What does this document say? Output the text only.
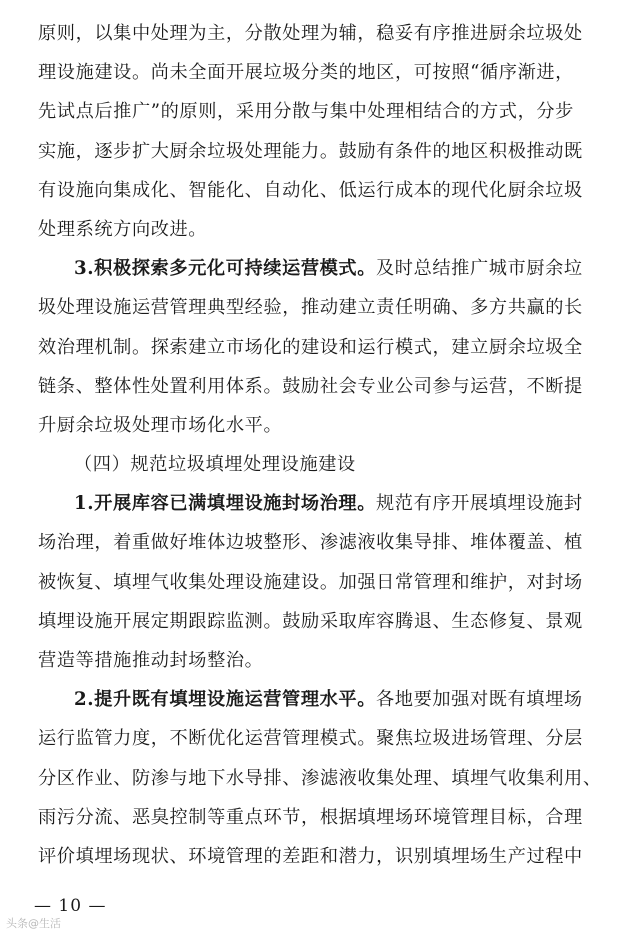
原则，以集中处理为主，分散处理为辅，稳妥有序推进厨余垃圾处
理设施建设。尚未全面开展垃圾分类的地区，可按照“循序渐进，
先试点后推广”的原则，采用分散与集中处理相结合的方式，分步
实施，逐步扩大厨余垃圾处理能力。鼓励有条件的地区积极推动既
有设施向集成化、智能化、自动化、低运行成本的现代化厨余垃圾
处理系统方向改进。
3.积极探索多元化可持续运营模式。及时总结推广城市厨余垃
圾处理设施运营管理典型经验，推动建立责任明确、多方共赢的长
效治理机制。探索建立市场化的建设和运行模式，建立厨余垃圾全
链条、整体性处置利用体系。鼓励社会专业公司参与运营，不断提
升厨余垃圾处理市场化水平。
（四）规范垃圾填埋处理设施建设
1.开展库容已满填埋设施封场治理。规范有序开展填埋设施封
场治理，着重做好堆体边坡整形、渗滤液收集导排、堆体覆盖、植
被恢复、填埋气收集处理设施建设。加强日常管理和维护，对封场
填埋设施开展定期跟踪监测。鼓励采取库容腾退、生态修复、景观
营造等措施推动封场整治。
2.提升既有填埋设施运营管理水平。各地要加强对既有填埋场
运行监管力度，不断优化运营管理模式。聚焦垃圾进场管理、分层
分区作业、防渗与地下水导排、渗滤液收集处理、填埋气收集利用、
雨污分流、恶臭控制等重点环节，根据填埋场环境管理目标，合理
评价填埋场现状、环境管理的差距和潜力，识别填埋场生产过程中
— 10 —
头条@生活
